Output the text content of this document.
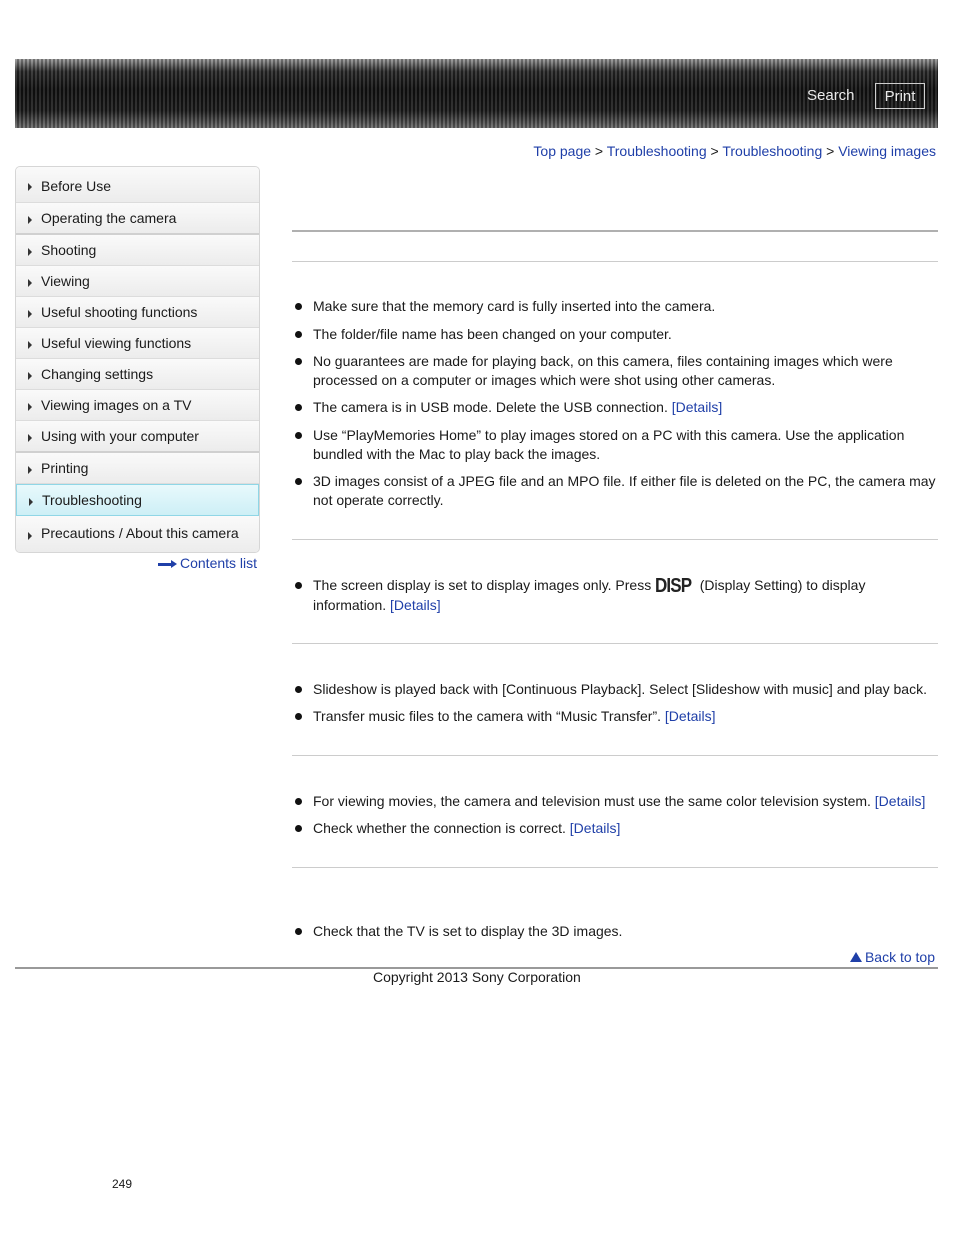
Search	Print
Top page > Troubleshooting > Troubleshooting > Viewing images
Before Use
Operating the camera
Shooting
Viewing
Useful shooting functions
Useful viewing functions
Changing settings
Viewing images on a TV
Using with your computer
Printing
Troubleshooting
Precautions / About this camera
Contents list
Make sure that the memory card is fully inserted into the camera.
The folder/file name has been changed on your computer.
No guarantees are made for playing back, on this camera, files containing images which were processed on a computer or images which were shot using other cameras.
The camera is in USB mode. Delete the USB connection. [Details]
Use “PlayMemories Home” to play images stored on a PC with this camera. Use the application bundled with the Mac to play back the images.
3D images consist of a JPEG file and an MPO file. If either file is deleted on the PC, the camera may not operate correctly.
The screen display is set to display images only. Press DISP (Display Setting) to display information. [Details]
Slideshow is played back with [Continuous Playback]. Select [Slideshow with music] and play back.
Transfer music files to the camera with “Music Transfer”. [Details]
For viewing movies, the camera and television must use the same color television system. [Details]
Check whether the connection is correct. [Details]
Check that the TV is set to display the 3D images.
Back to top
Copyright 2013 Sony Corporation
249
